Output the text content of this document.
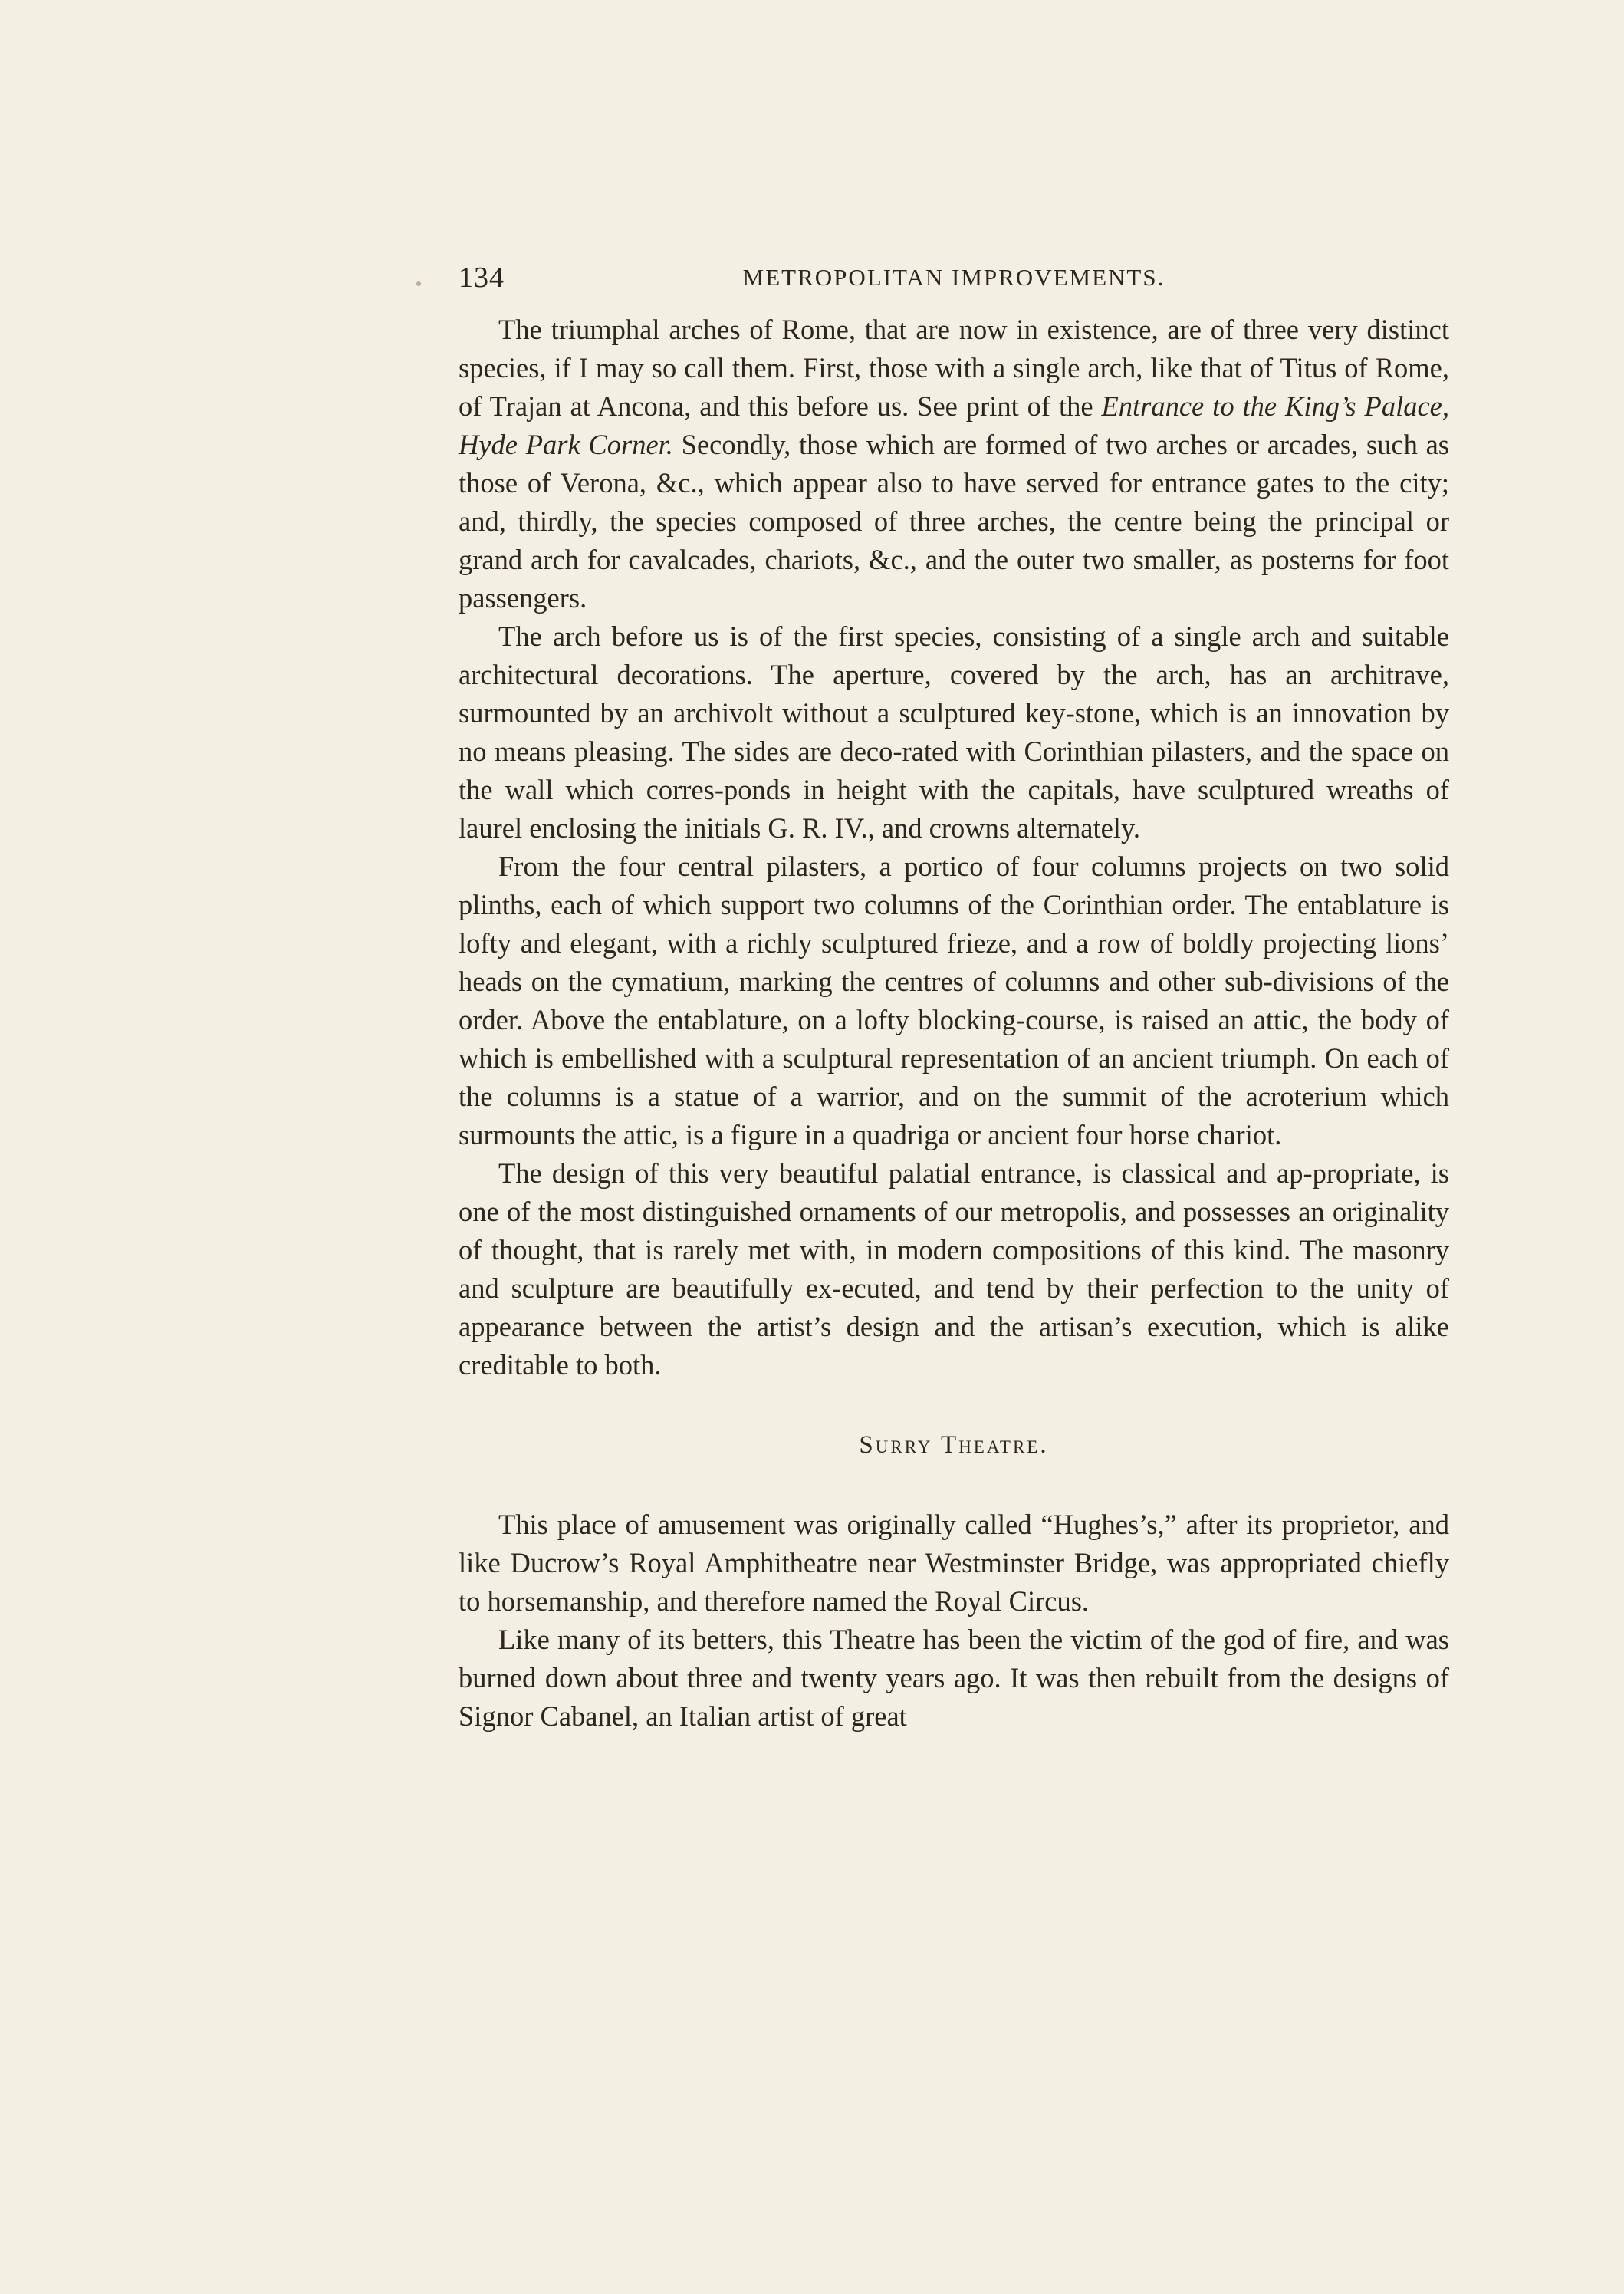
134	METROPOLITAN IMPROVEMENTS.

The triumphal arches of Rome, that are now in existence, are of three very distinct species, if I may so call them. First, those with a single arch, like that of Titus of Rome, of Trajan at Ancona, and this before us. See print of the Entrance to the King’s Palace, Hyde Park Corner. Secondly, those which are formed of two arches or arcades, such as those of Verona, &c., which appear also to have served for entrance gates to the city; and, thirdly, the species composed of three arches, the centre being the principal or grand arch for cavalcades, chariots, &c., and the outer two smaller, as posterns for foot passengers.

The arch before us is of the first species, consisting of a single arch and suitable architectural decorations. The aperture, covered by the arch, has an architrave, surmounted by an archivolt without a sculptured key-stone, which is an innovation by no means pleasing. The sides are deco-rated with Corinthian pilasters, and the space on the wall which corres-ponds in height with the capitals, have sculptured wreaths of laurel enclosing the initials G. R. IV., and crowns alternately.

From the four central pilasters, a portico of four columns projects on two solid plinths, each of which support two columns of the Corinthian order. The entablature is lofty and elegant, with a richly sculptured frieze, and a row of boldly projecting lions’ heads on the cymatium, marking the centres of columns and other sub-divisions of the order. Above the entablature, on a lofty blocking-course, is raised an attic, the body of which is embellished with a sculptural representation of an ancient triumph. On each of the columns is a statue of a warrior, and on the summit of the acroterium which surmounts the attic, is a figure in a quadriga or ancient four horse chariot.

The design of this very beautiful palatial entrance, is classical and ap-propriate, is one of the most distinguished ornaments of our metropolis, and possesses an originality of thought, that is rarely met with, in modern compositions of this kind. The masonry and sculpture are beautifully ex-ecuted, and tend by their perfection to the unity of appearance between the artist’s design and the artisan’s execution, which is alike creditable to both.

Surry Theatre.

This place of amusement was originally called “Hughes’s,” after its proprietor, and like Ducrow’s Royal Amphitheatre near Westminster Bridge, was appropriated chiefly to horsemanship, and therefore named the Royal Circus.

Like many of its betters, this Theatre has been the victim of the god of fire, and was burned down about three and twenty years ago. It was then rebuilt from the designs of Signor Cabanel, an Italian artist of great
